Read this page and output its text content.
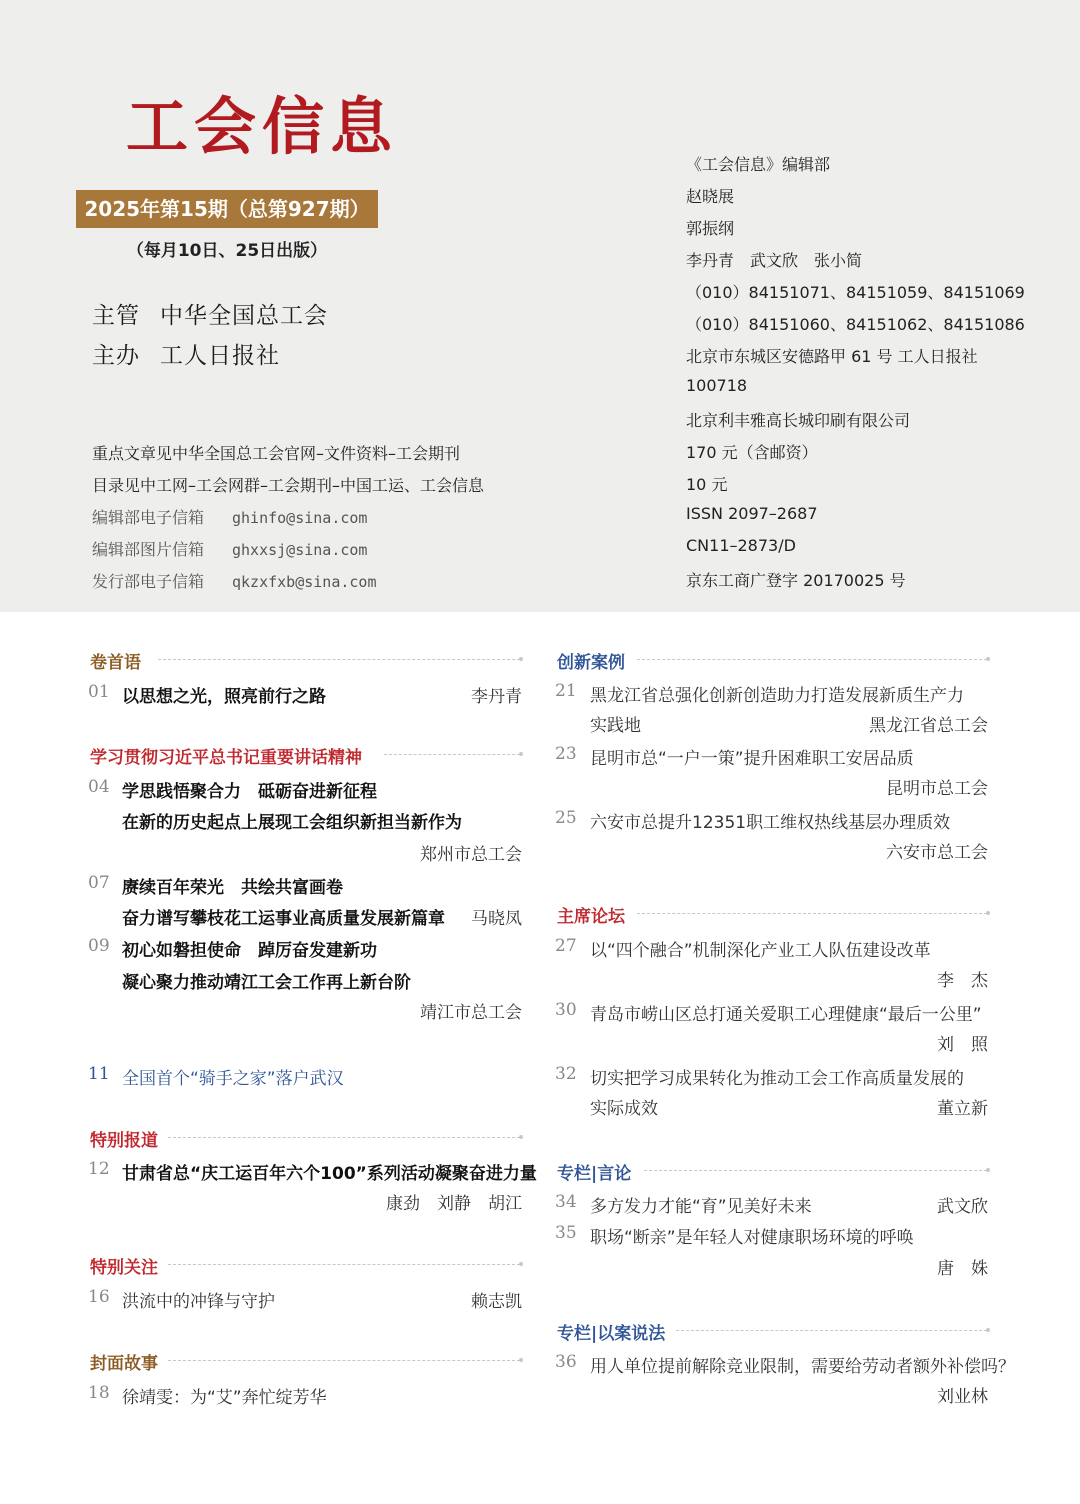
工会信息
2025年第15期（总第927期）
（每月10日、25日出版）
主管 中华全国总工会
主办 工人日报社
重点文章见中华全国总工会官网–文件资料–工会期刊
目录见中工网–工会网群–工会期刊–中国工运、工会信息
编辑部电子信箱 ghinfo@sina.com
编辑部图片信箱 ghxxsj@sina.com
发行部电子信箱 qkzxfxb@sina.com
《工会信息》编辑部
赵晓展
郭振纲
李丹青　武文欣　张小简
（010）84151071、84151059、84151069
（010）84151060、84151062、84151086
北京市东城区安德路甲 61 号 工人日报社
100718
北京利丰雅高长城印刷有限公司
170 元（含邮资）
10 元
ISSN 2097–2687
CN11–2873/D
京东工商广登字 20170025 号
卷首语
01 以思想之光，照亮前行之路	李丹青
学习贯彻习近平总书记重要讲话精神
04 学思践悟聚合力　砥砺奋进新征程
在新的历史起点上展现工会组织新担当新作为
郑州市总工会
07 赓续百年荣光　共绘共富画卷
奋力谱写攀枝花工运事业高质量发展新篇章 马晓凤
09 初心如磐担使命　踔厉奋发建新功
凝心聚力推动靖江工会工作再上新台阶
靖江市总工会
11 全国首个“骑手之家”落户武汉
特别报道
12 甘肃省总“庆工运百年六个100”系列活动凝聚奋进力量
康劲　刘静　胡江
特别关注
16 洪流中的冲锋与守护	赖志凯
封面故事
18 徐靖雯：为“艾”奔忙绽芳华
创新案例
21 黑龙江省总强化创新创造助力打造发展新质生产力
实践地	黑龙江省总工会
23 昆明市总“一户一策”提升困难职工安居品质
昆明市总工会
25 六安市总提升12351职工维权热线基层办理质效
六安市总工会
主席论坛
27 以“四个融合”机制深化产业工人队伍建设改革
李　杰
30 青岛市崂山区总打通关爱职工心理健康“最后一公里”
刘　照
32 切实把学习成果转化为推动工会工作高质量发展的
实际成效	董立新
专栏|言论
34 多方发力才能“育”见美好未来	武文欣
35 职场“断亲”是年轻人对健康职场环境的呼唤
唐　姝
专栏|以案说法
36 用人单位提前解除竞业限制，需要给劳动者额外补偿吗？
刘业林
